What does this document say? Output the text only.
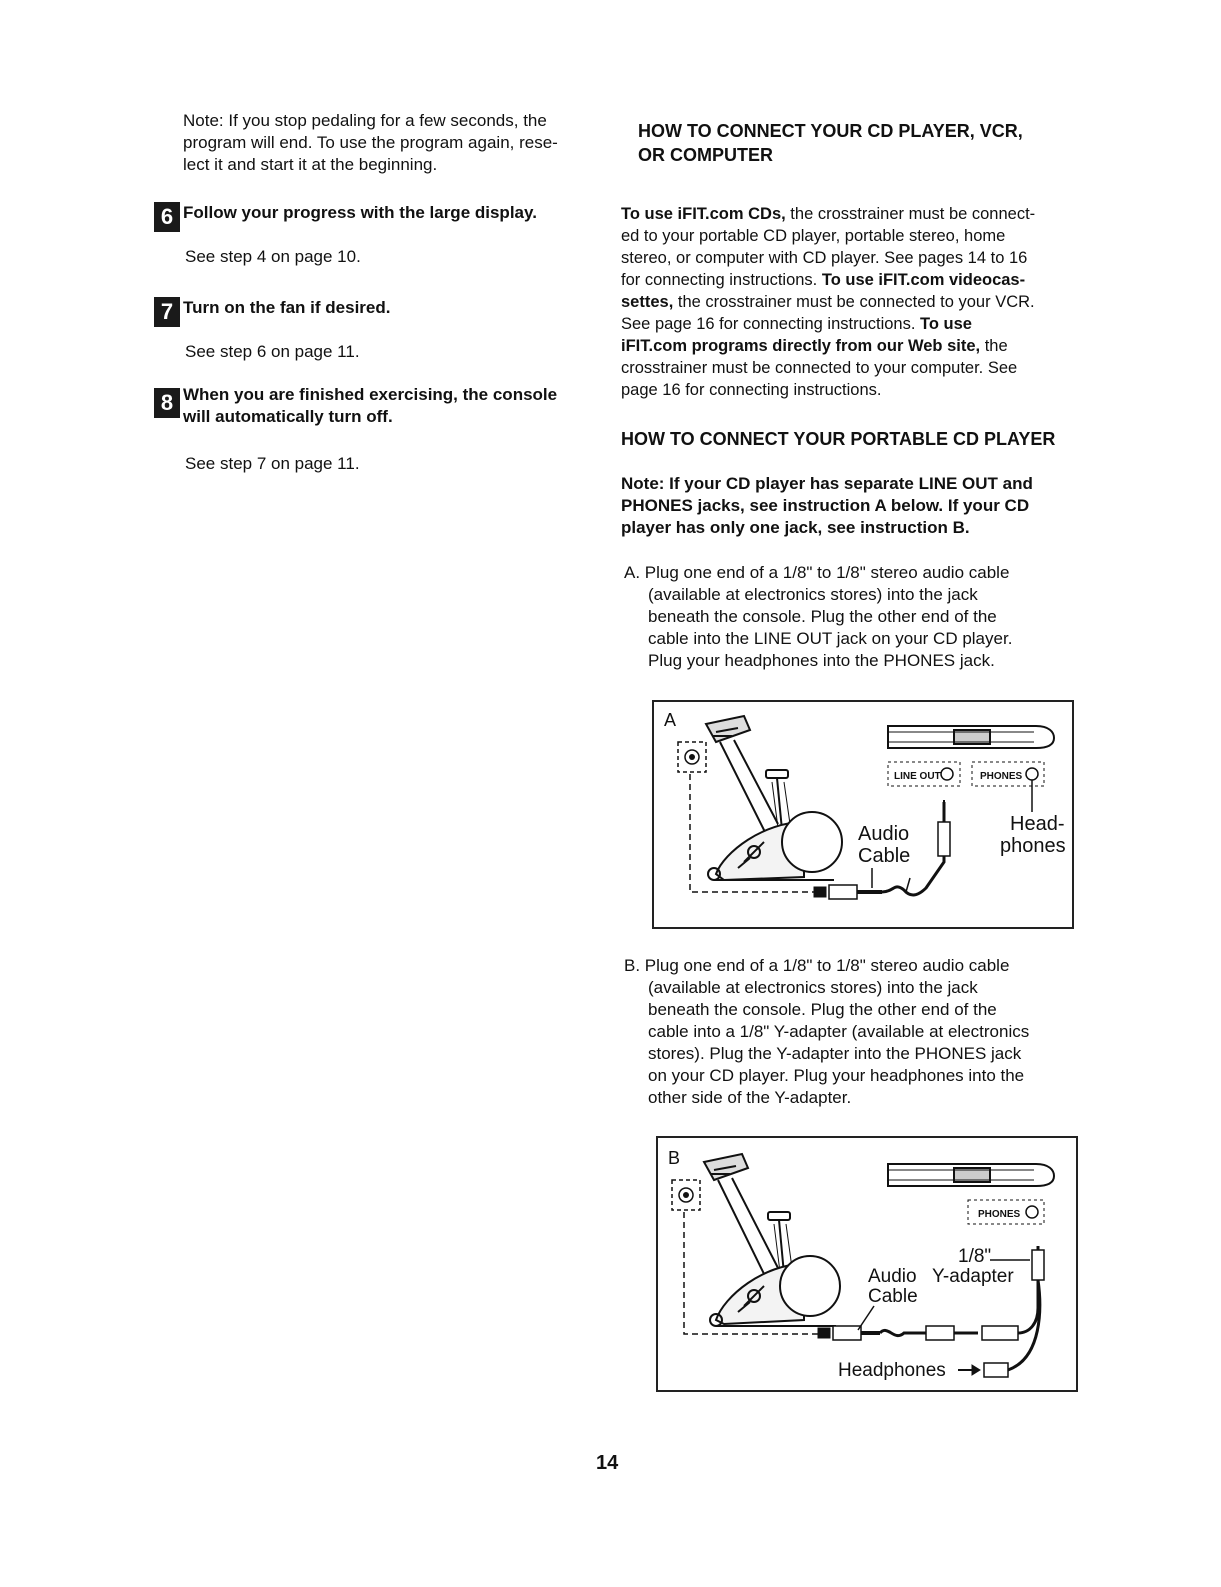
Note: If you stop pedaling for a few seconds, the
program will end. To use the program again, rese-
lect it and start it at the beginning.
6 Follow your progress with the large display.
See step 4 on page 10.
7 Turn on the fan if desired.
See step 6 on page 11.
8 When you are finished exercising, the console
will automatically turn off.
See step 7 on page 11.
HOW TO CONNECT YOUR CD PLAYER, VCR,
OR COMPUTER
To use iFIT.com CDs, the crosstrainer must be connect-
ed to your portable CD player, portable stereo, home
stereo, or computer with CD player. See pages 14 to 16
for connecting instructions. To use iFIT.com videocas-
settes, the crosstrainer must be connected to your VCR.
See page 16 for connecting instructions. To use
iFIT.com programs directly from our Web site, the
crosstrainer must be connected to your computer. See
page 16 for connecting instructions.
HOW TO CONNECT YOUR PORTABLE CD PLAYER
Note: If your CD player has separate LINE OUT and
PHONES jacks, see instruction A below. If your CD
player has only one jack, see instruction B.
A. Plug one end of a 1/8" to 1/8" stereo audio cable
(available at electronics stores) into the jack
beneath the console. Plug the other end of the
cable into the LINE OUT jack on your CD player.
Plug your headphones into the PHONES jack.
A
LINE OUT	PHONES
Audio
Cable
Head-
phones
B. Plug one end of a 1/8" to 1/8" stereo audio cable
(available at electronics stores) into the jack
beneath the console. Plug the other end of the
cable into a 1/8" Y-adapter (available at electronics
stores). Plug the Y-adapter into the PHONES jack
on your CD player. Plug your headphones into the
other side of the Y-adapter.
B
PHONES
1/8"
Audio Y-adapter
Cable
Headphones
14
